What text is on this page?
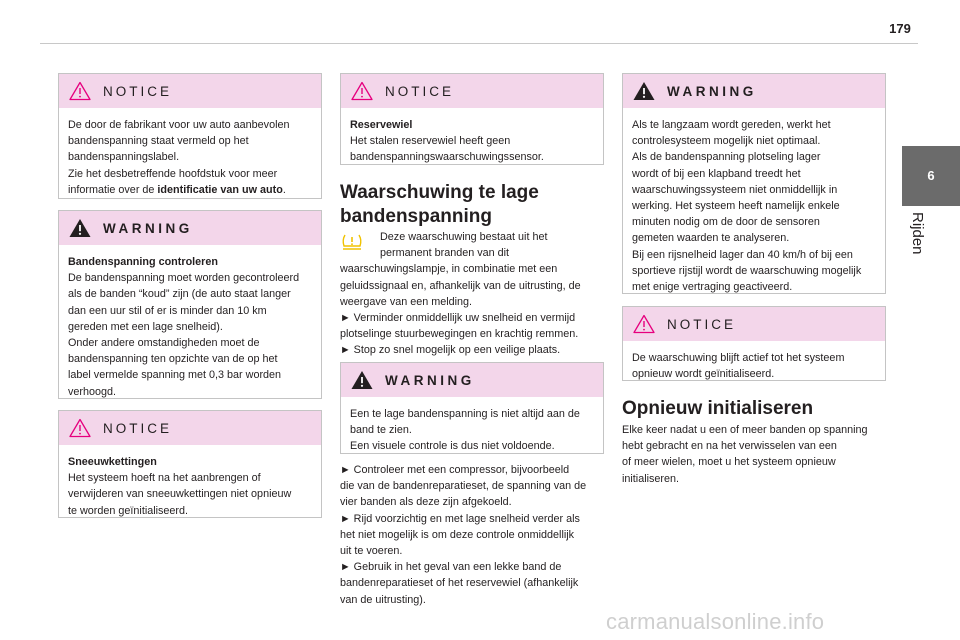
179
6
Rijden
NOTICE

De door de fabrikant voor uw auto aanbevolen

bandenspanning staat vermeld op het

bandenspanningslabel.

Zie het desbetreffende hoofdstuk voor meer

informatie over de identificatie van uw auto.

WARNING

Bandenspanning controleren

De bandenspanning moet worden gecontroleerd

als de banden “koud” zijn (de auto staat langer

dan een uur stil of er is minder dan 10 km

gereden met een lage snelheid).

Onder andere omstandigheden moet de

bandenspanning ten opzichte van de op het

label vermelde spanning met 0,3 bar worden

verhoogd.

NOTICE

Sneeuwkettingen

Het systeem hoeft na het aanbrengen of

verwijderen van sneeuwkettingen niet opnieuw

te worden geïnitialiseerd.

NOTICE

Reservewiel

Het stalen reservewiel heeft geen

bandenspanningswaarschuwingssensor.

Waarschuwing te lage
bandenspanning

Deze waarschuwing bestaat uit het

permanent branden van dit

waarschuwingslampje, in combinatie met een

geluidssignaal en, afhankelijk van de uitrusting, de

weergave van een melding.

► Verminder onmiddellijk uw snelheid en vermijd

plotselinge stuurbewegingen en krachtig remmen.

► Stop zo snel mogelijk op een veilige plaats.

WARNING

Een te lage bandenspanning is niet altijd aan de

band te zien.

Een visuele controle is dus niet voldoende.

► Controleer met een compressor, bijvoorbeeld

die van de bandenreparatieset, de spanning van de

vier banden als deze zijn afgekoeld.

► Rijd voorzichtig en met lage snelheid verder als

het niet mogelijk is om deze controle onmiddellijk

uit te voeren.

► Gebruik in het geval van een lekke band de

bandenreparatieset of het reservewiel (afhankelijk

van de uitrusting).

WARNING

Als te langzaam wordt gereden, werkt het

controlesysteem mogelijk niet optimaal.

Als de bandenspanning plotseling lager

wordt of bij een klapband treedt het

waarschuwingssysteem niet onmiddellijk in

werking. Het systeem heeft namelijk enkele

minuten nodig om de door de sensoren

gemeten waarden te analyseren.

Bij een rijsnelheid lager dan 40 km/h of bij een

sportieve rijstijl wordt de waarschuwing mogelijk

met enige vertraging geactiveerd.

NOTICE

De waarschuwing blijft actief tot het systeem

opnieuw wordt geïnitialiseerd.

Opnieuw initialiseren

Elke keer nadat u een of meer banden op spanning

hebt gebracht en na het verwisselen van een

of meer wielen, moet u het systeem opnieuw

initialiseren.

carmanualsonline.info
